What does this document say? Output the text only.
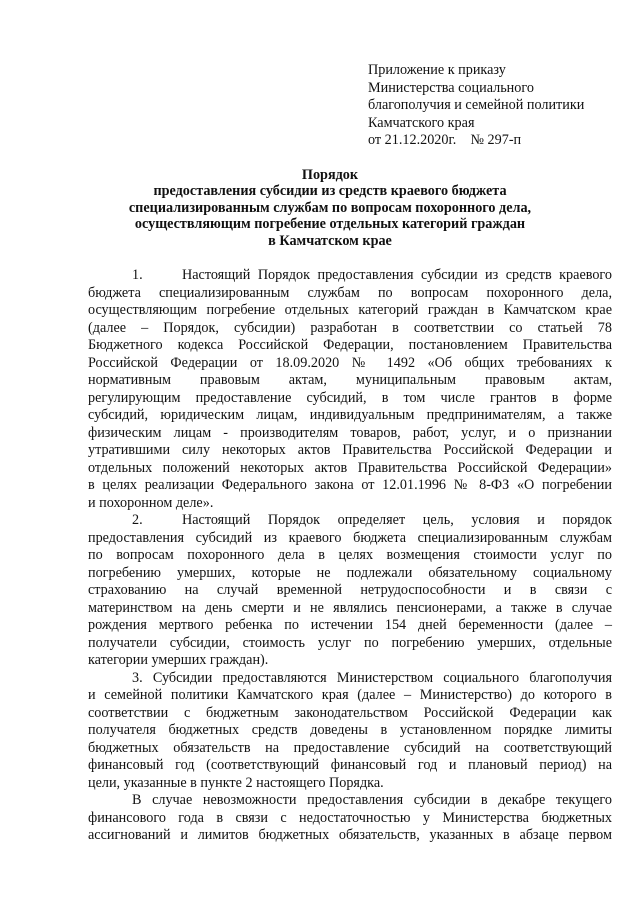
Приложение к приказу
Министерства социального
благополучия и семейной политики
Камчатского края
от 21.12.2020г.    № 297-п
Порядок
предоставления субсидии из средств краевого бюджета
специализированным службам по вопросам похоронного дела,
осуществляющим погребение отдельных категорий граждан
в Камчатском крае

1.	Настоящий Порядок предоставления субсидии из средств краевого

бюджета специализированным службам по вопросам похоронного дела,

осуществляющим погребение отдельных категорий граждан в Камчатском крае

(далее – Порядок, субсидии) разработан в соответствии со статьей 78

Бюджетного кодекса Российской Федерации, постановлением Правительства

Российской Федерации от 18.09.2020 № 1492 «Об общих требованиях к

нормативным правовым актам, муниципальным правовым актам,

регулирующим предоставление субсидий, в том числе грантов в форме

субсидий, юридическим лицам, индивидуальным предпринимателям, а также

физическим лицам - производителям товаров, работ, услуг, и о признании

утратившими силу некоторых актов Правительства Российской Федерации и

отдельных положений некоторых актов Правительства Российской Федерации»

в целях реализации Федерального закона от 12.01.1996 № 8-ФЗ «О погребении

и похоронном деле».

2.	Настоящий Порядок определяет цель, условия и порядок

предоставления субсидий из краевого бюджета специализированным службам

по вопросам похоронного дела в целях возмещения стоимости услуг по

погребению умерших, которые не подлежали обязательному социальному

страхованию на случай временной нетрудоспособности и в связи с

материнством на день смерти и не являлись пенсионерами, а также в случае

рождения мертвого ребенка по истечении 154 дней беременности (далее –

получатели субсидии, стоимость услуг по погребению умерших, отдельные

категории умерших граждан).

3. Субсидии предоставляются Министерством социального благополучия

и семейной политики Камчатского края (далее – Министерство) до которого в

соответствии с бюджетным законодательством Российской Федерации как

получателя бюджетных средств доведены в установленном порядке лимиты

бюджетных обязательств на предоставление субсидий на соответствующий

финансовый год (соответствующий финансовый год и плановый период) на

цели, указанные в пункте 2 настоящего Порядка.

В случае невозможности предоставления субсидии в декабре текущего

финансового года в связи с недостаточностью у Министерства бюджетных

ассигнований и лимитов бюджетных обязательств, указанных в абзаце первом
